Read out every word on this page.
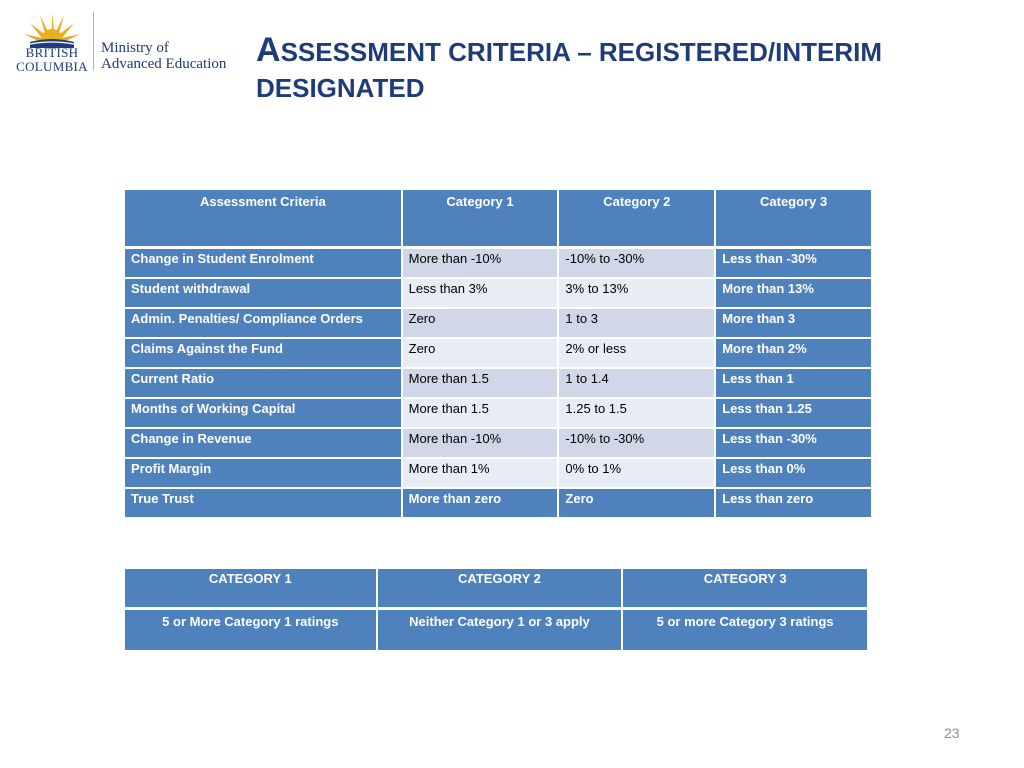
BRITISH
COLUMBIA
Ministry of
Advanced Education ASSESSMENT CRITERIA – REGISTERED/INTERIM
DESIGNATED
Assessment Criteria	Category 1	Category 2	Category 3
Change in Student Enrolment	More than -10%	-10% to -30%	Less than -30%
Student withdrawal	Less than 3%	3% to 13%	More than 13%
Admin. Penalties/ Compliance Orders	Zero	1 to 3	More than 3
Claims Against the Fund	Zero	2% or less	More than 2%
Current Ratio	More than 1.5	1 to 1.4	Less than 1
Months of Working Capital	More than 1.5	1.25 to 1.5	Less than 1.25
Change in Revenue	More than -10%	-10% to -30%	Less than -30%
Profit Margin	More than 1%	0% to 1%	Less than 0%
True Trust	More than zero	Zero	Less than zero
CATEGORY 1	CATEGORY 2	CATEGORY 3
5 or More Category 1 ratings	Neither Category 1 or 3 apply	5 or more Category 3 ratings
23
